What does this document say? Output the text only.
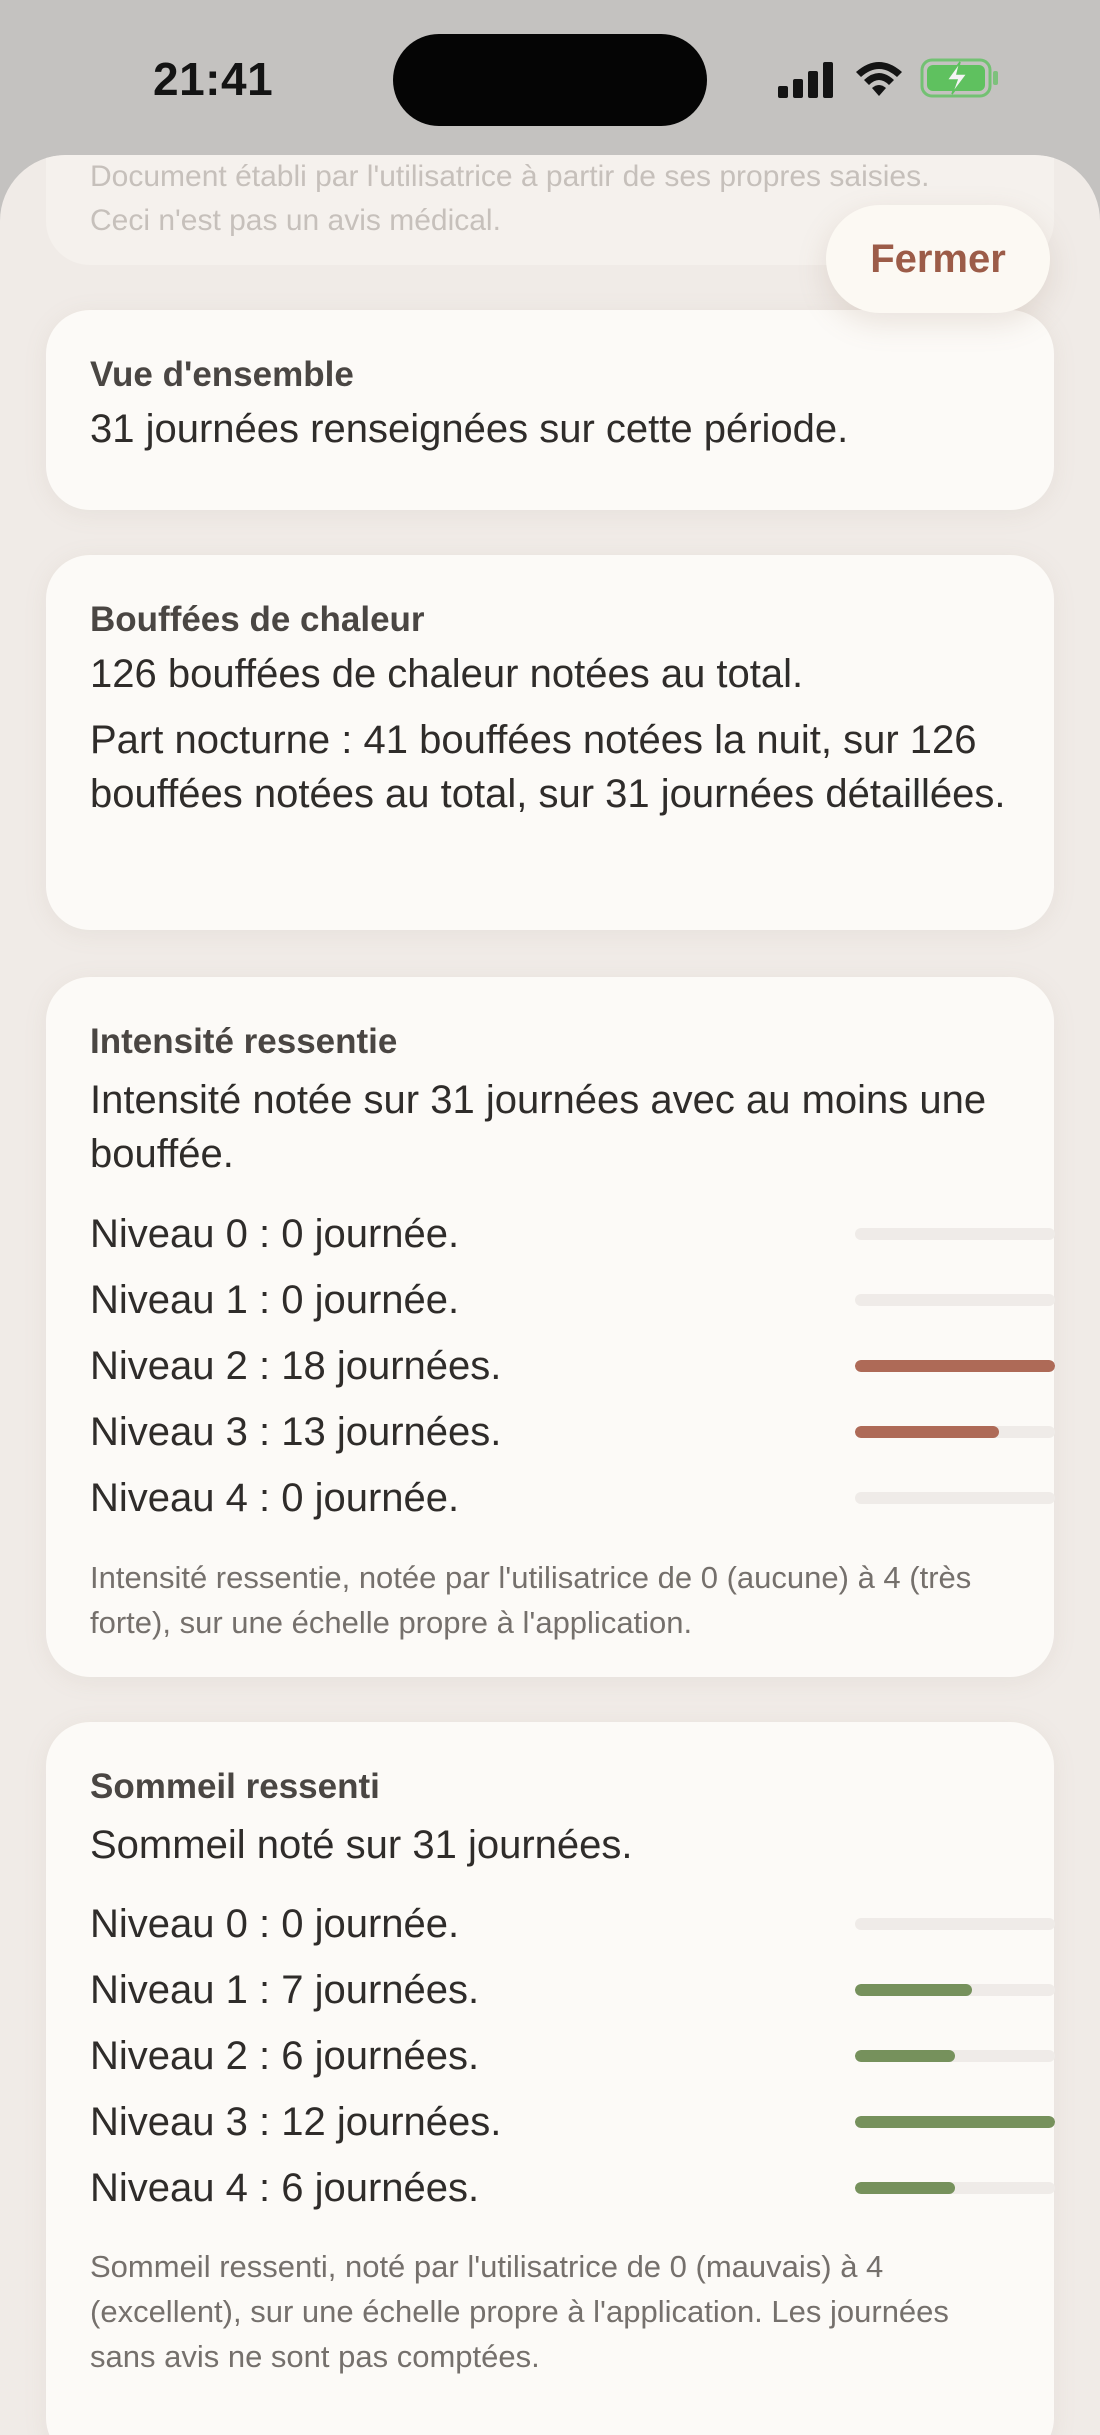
21:41
Document établi par l'utilisatrice à partir de ses propres saisies. Ceci n'est pas un avis médical.
Fermer
Vue d'ensemble
31 journées renseignées sur cette période.
Bouffées de chaleur
126 bouffées de chaleur notées au total.
Part nocturne : 41 bouffées notées la nuit, sur 126 bouffées notées au total, sur 31 journées détaillées.
Intensité ressentie
Intensité notée sur 31 journées avec au moins une bouffée.
Niveau 0 : 0 journée.
Niveau 1 : 0 journée.
Niveau 2 : 18 journées.
Niveau 3 : 13 journées.
Niveau 4 : 0 journée.
Intensité ressentie, notée par l'utilisatrice de 0 (aucune) à 4 (très forte), sur une échelle propre à l'application.
Sommeil ressenti
Sommeil noté sur 31 journées.
Niveau 0 : 0 journée.
Niveau 1 : 7 journées.
Niveau 2 : 6 journées.
Niveau 3 : 12 journées.
Niveau 4 : 6 journées.
Sommeil ressenti, noté par l'utilisatrice de 0 (mauvais) à 4 (excellent), sur une échelle propre à l'application. Les journées sans avis ne sont pas comptées.
